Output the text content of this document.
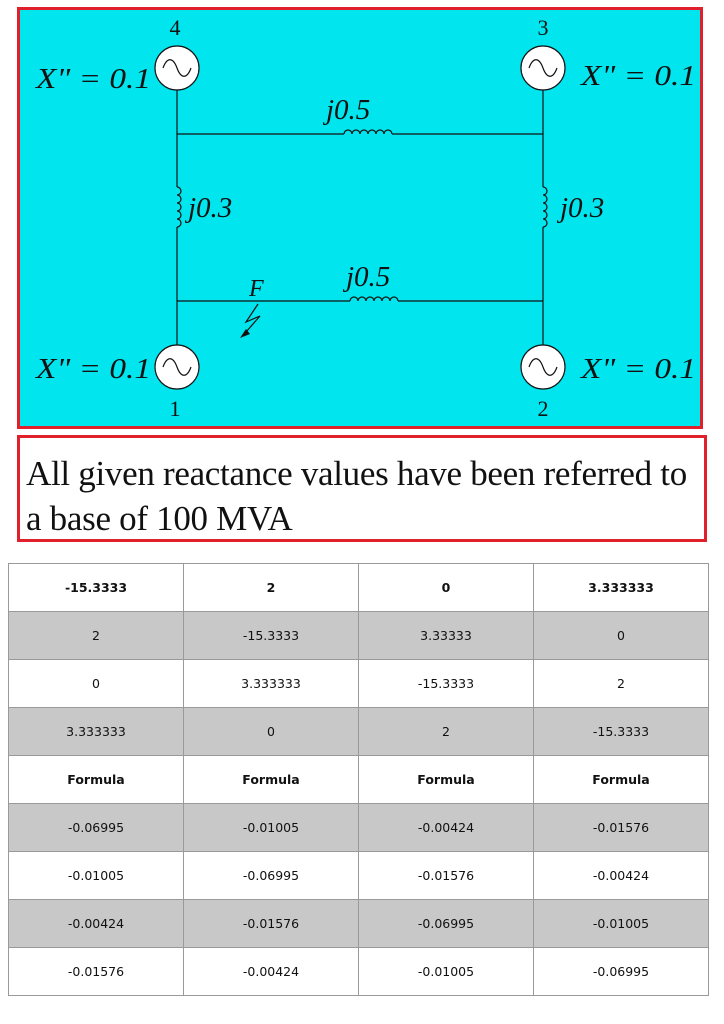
4	3
1	2
X" = 0.1	X" = 0.1
X" = 0.1	X" = 0.1
j0.5
j0.3	j0.3
j0.5
F
All given reactance values have been referred to a base of 100 MVA
-15.3333	2	0	3.333333
2	-15.3333	3.33333	0
0	3.333333	-15.3333	2
3.333333	0	2	-15.3333
Formula	Formula	Formula	Formula
-0.06995	-0.01005	-0.00424	-0.01576
-0.01005	-0.06995	-0.01576	-0.00424
-0.00424	-0.01576	-0.06995	-0.01005
-0.01576	-0.00424	-0.01005	-0.06995
